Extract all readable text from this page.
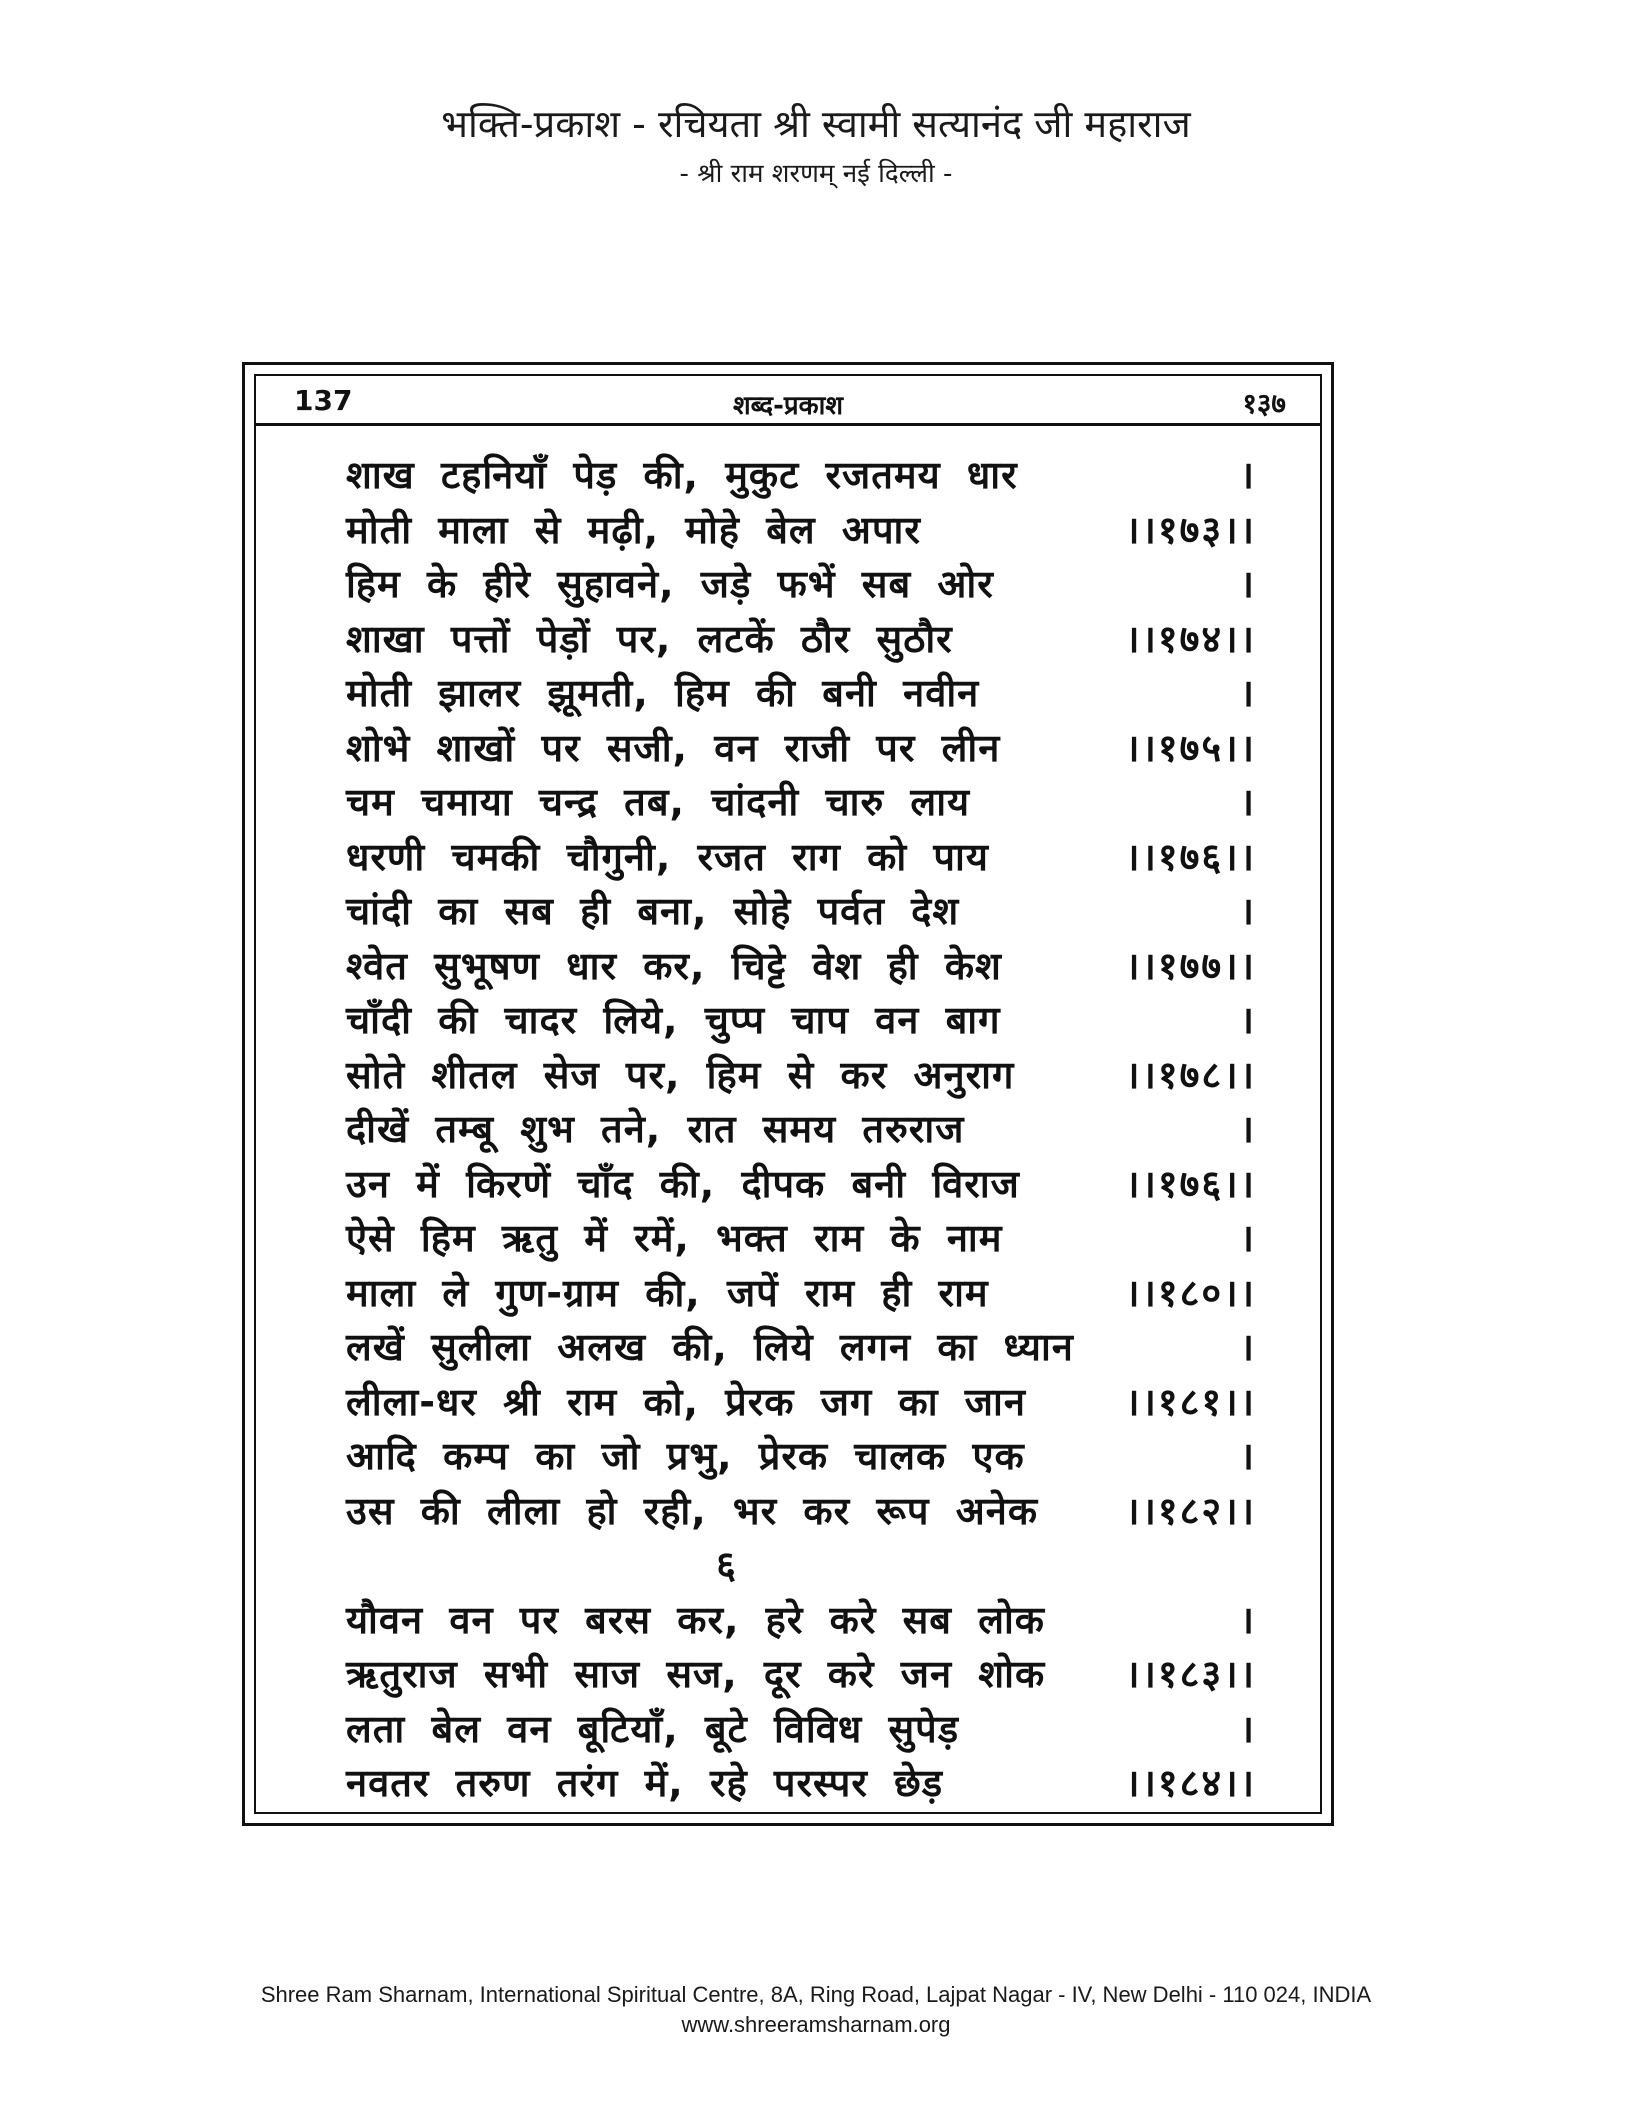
भक्ति-प्रकाश - रचियता श्री स्वामी सत्यानंद जी महाराज
- श्री राम शरणम् नई दिल्ली -
137	शब्द-प्रकाश	१३७
शाख टहनियाँ पेड़ की, मुकुट रजतमय धार	।
मोती माला से मढ़ी, मोहे बेल अपार	।।१७३।।
हिम के हीरे सुहावने, जड़े फभें सब ओर	।
शाखा पत्तों पेड़ों पर, लटकें ठौर सुठौर	।।१७४।।
मोती झालर झूमती, हिम की बनी नवीन	।
शोभे शाखों पर सजी, वन राजी पर लीन	।।१७५।।
चम चमाया चन्द्र तब, चांदनी चारु लाय	।
धरणी चमकी चौगुनी, रजत राग को पाय	।।१७६।।
चांदी का सब ही बना, सोहे पर्वत देश	।
श्वेत सुभूषण धार कर, चिट्टे वेश ही केश	।।१७७।।
चाँदी की चादर लिये, चुप्प चाप वन बाग	।
सोते शीतल सेज पर, हिम से कर अनुराग	।।१७८।।
दीखें तम्बू शुभ तने, रात समय तरुराज	।
उन में किरणें चाँद की, दीपक बनी विराज	।।१७६।।
ऐसे हिम ऋतु में रमें, भक्त राम के नाम	।
माला ले गुण-ग्राम की, जपें राम ही राम	।।१८०।।
लखें सुलीला अलख की, लिये लगन का ध्यान	।
लीला-धर श्री राम को, प्रेरक जग का जान	।।१८१।।
आदि कम्प का जो प्रभु, प्रेरक चालक एक	।
उस की लीला हो रही, भर कर रूप अनेक ।।१८२।।
६
यौवन वन पर बरस कर, हरे करे सब लोक	।
ऋतुराज सभी साज सज, दूर करे जन शोक ।।१८३।।
लता बेल वन बूटियाँ, बूटे विविध सुपेड़	।
नवतर तरुण तरंग में, रहे परस्पर छेड़	।।१८४।।
Shree Ram Sharnam, International Spiritual Centre, 8A, Ring Road, Lajpat Nagar - IV, New Delhi - 110 024, INDIA
www.shreeramsharnam.org
